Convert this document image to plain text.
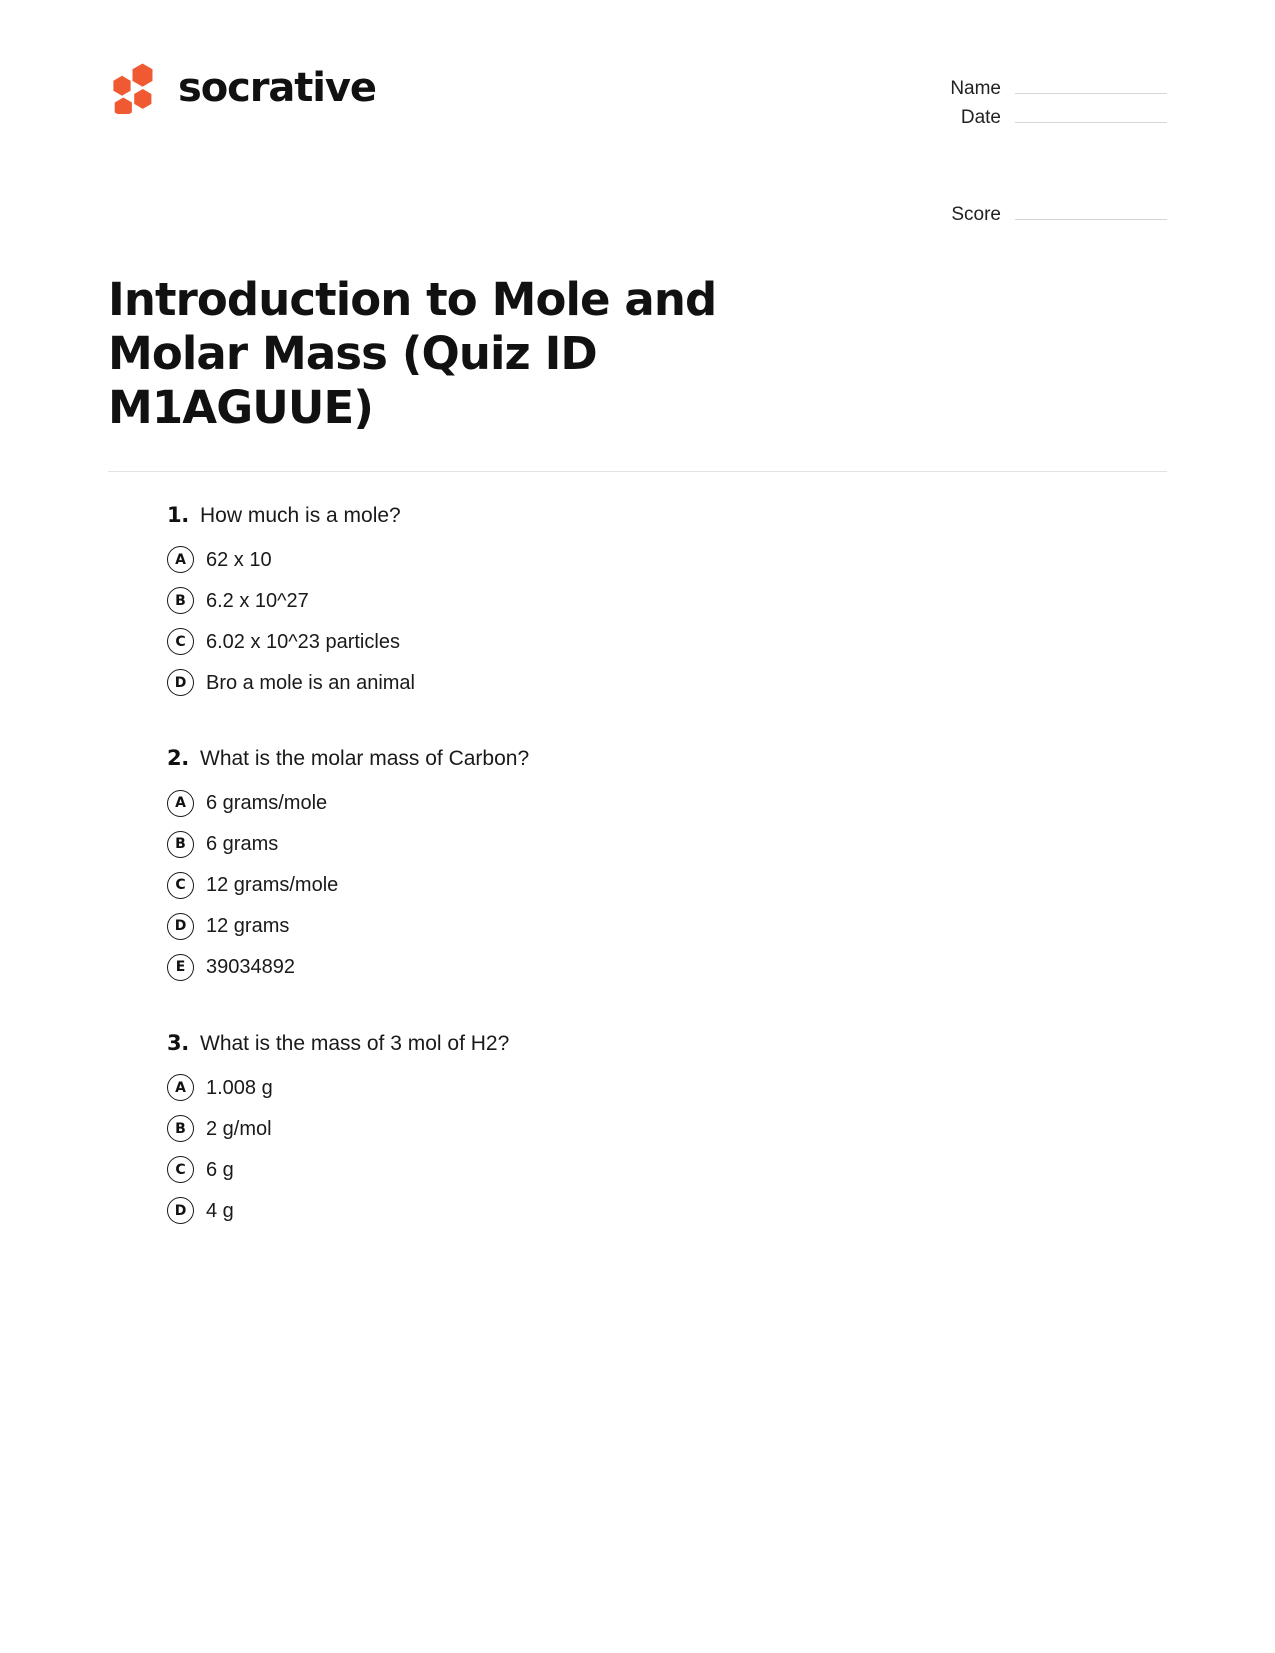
socrative	Name
Date
Score
Introduction to Mole and Molar Mass (Quiz ID M1AGUUE)
1. How much is a mole?
A 62 x 10
B 6.2 x 10^27
C 6.02 x 10^23 particles
D Bro a mole is an animal
2. What is the molar mass of Carbon?
A 6 grams/mole
B 6 grams
C 12 grams/mole
D 12 grams
E 39034892
3. What is the mass of 3 mol of H2?
A 1.008 g
B 2 g/mol
C 6 g
D 4 g
